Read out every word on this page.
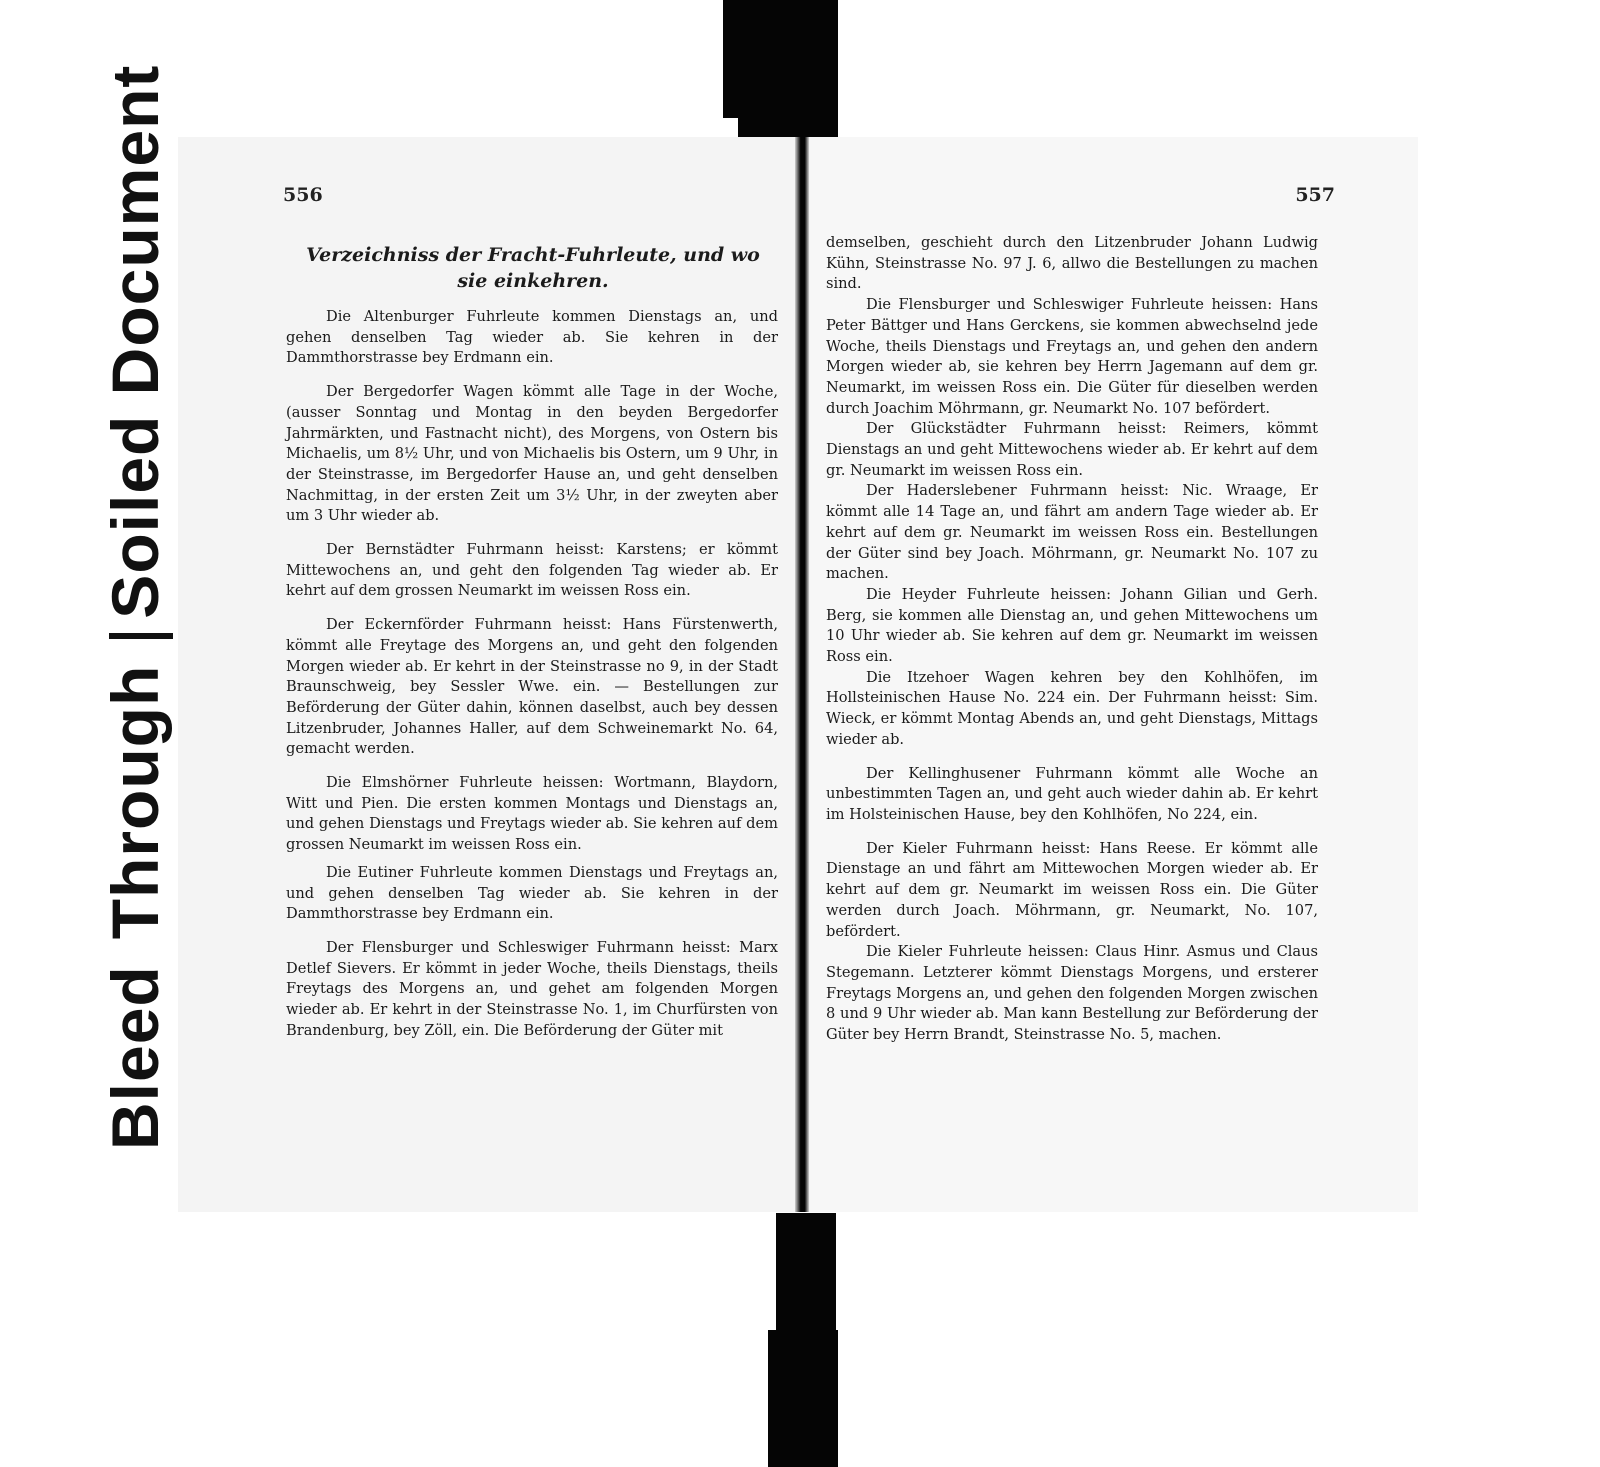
BleedThroughSoiled Document	556
Verzeichniss der Fracht-Fuhrleute, und wo
sie einkehren.

Die Altenburger Fuhrleute kommen Dienstags an, und gehen denselben Tag wieder ab. Sie kehren in der Dammthorstrasse bey Erdmann ein.

Der Bergedorfer Wagen kömmt alle Tage in der Woche, (ausser Sonntag und Montag in den beyden Bergedorfer Jahrmärkten, und Fastnacht nicht), des Morgens, von Ostern bis Michaelis, um 8½ Uhr, und von Michaelis bis Ostern, um 9 Uhr, in der Steinstrasse, im Bergedorfer Hause an, und geht denselben Nachmittag, in der ersten Zeit um 3½ Uhr, in der zweyten aber um 3 Uhr wieder ab.

Der Bernstädter Fuhrmann heisst: Karstens; er kömmt Mittewochens an, und geht den folgenden Tag wieder ab. Er kehrt auf dem grossen Neumarkt im weissen Ross ein.

Der Eckernförder Fuhrmann heisst: Hans Fürstenwerth, kömmt alle Freytage des Morgens an, und geht den folgenden Morgen wieder ab. Er kehrt in der Steinstrasse no 9, in der Stadt Braunschweig, bey Sessler Wwe. ein. — Bestellungen zur Beförderung der Güter dahin, können daselbst, auch bey dessen Litzenbruder, Johannes Haller, auf dem Schweinemarkt No. 64, gemacht werden.

Die Elmshörner Fuhrleute heissen: Wortmann, Blaydorn, Witt und Pien. Die ersten kommen Montags und Dienstags an, und gehen Dienstags und Freytags wieder ab. Sie kehren auf dem grossen Neumarkt im weissen Ross ein.

Die Eutiner Fuhrleute kommen Dienstags und Freytags an, und gehen denselben Tag wieder ab. Sie kehren in der Dammthorstrasse bey Erdmann ein.

Der Flensburger und Schleswiger Fuhrmann heisst: Marx Detlef Sievers. Er kömmt in jeder Woche, theils Dienstags, theils Freytags des Morgens an, und gehet am folgenden Morgen wieder ab. Er kehrt in der Steinstrasse No. 1, im Churfürsten von Brandenburg, bey Zöll, ein. Die Beförderung der Güter mit

557

demselben, geschieht durch den Litzenbruder Johann Ludwig Kühn, Steinstrasse No. 97 J. 6, allwo die Bestellungen zu machen sind.

Die Flensburger und Schleswiger Fuhrleute heissen: Hans Peter Bättger und Hans Gerckens, sie kommen abwechselnd jede Woche, theils Dienstags und Freytags an, und gehen den andern Morgen wieder ab, sie kehren bey Herrn Jagemann auf dem gr. Neumarkt, im weissen Ross ein. Die Güter für dieselben werden durch Joachim Möhrmann, gr. Neumarkt No. 107 befördert.

Der Glückstädter Fuhrmann heisst: Reimers, kömmt Dienstags an und geht Mittewochens wieder ab. Er kehrt auf dem gr. Neumarkt im weissen Ross ein.

Der Haderslebener Fuhrmann heisst: Nic. Wraage, Er kömmt alle 14 Tage an, und fährt am andern Tage wieder ab. Er kehrt auf dem gr. Neumarkt im weissen Ross ein. Bestellungen der Güter sind bey Joach. Möhrmann, gr. Neumarkt No. 107 zu machen.

Die Heyder Fuhrleute heissen: Johann Gilian und Gerh. Berg, sie kommen alle Dienstag an, und gehen Mittewochens um 10 Uhr wieder ab. Sie kehren auf dem gr. Neumarkt im weissen Ross ein.

Die Itzehoer Wagen kehren bey den Kohlhöfen, im Hollsteinischen Hause No. 224 ein. Der Fuhrmann heisst: Sim. Wieck, er kömmt Montag Abends an, und geht Dienstags, Mittags wieder ab.

Der Kellinghusener Fuhrmann kömmt alle Woche an unbestimmten Tagen an, und geht auch wieder dahin ab. Er kehrt im Holsteinischen Hause, bey den Kohlhöfen, No 224, ein.

Der Kieler Fuhrmann heisst: Hans Reese. Er kömmt alle Dienstage an und fährt am Mittewochen Morgen wieder ab. Er kehrt auf dem gr. Neumarkt im weissen Ross ein. Die Güter werden durch Joach. Möhrmann, gr. Neumarkt, No. 107, befördert.

Die Kieler Fuhrleute heissen: Claus Hinr. Asmus und Claus Stegemann. Letzterer kömmt Dienstags Morgens, und ersterer Freytags Morgens an, und gehen den folgenden Morgen zwischen 8 und 9 Uhr wieder ab. Man kann Bestellung zur Beförderung der Güter bey Herrn Brandt, Steinstrasse No. 5, machen.
